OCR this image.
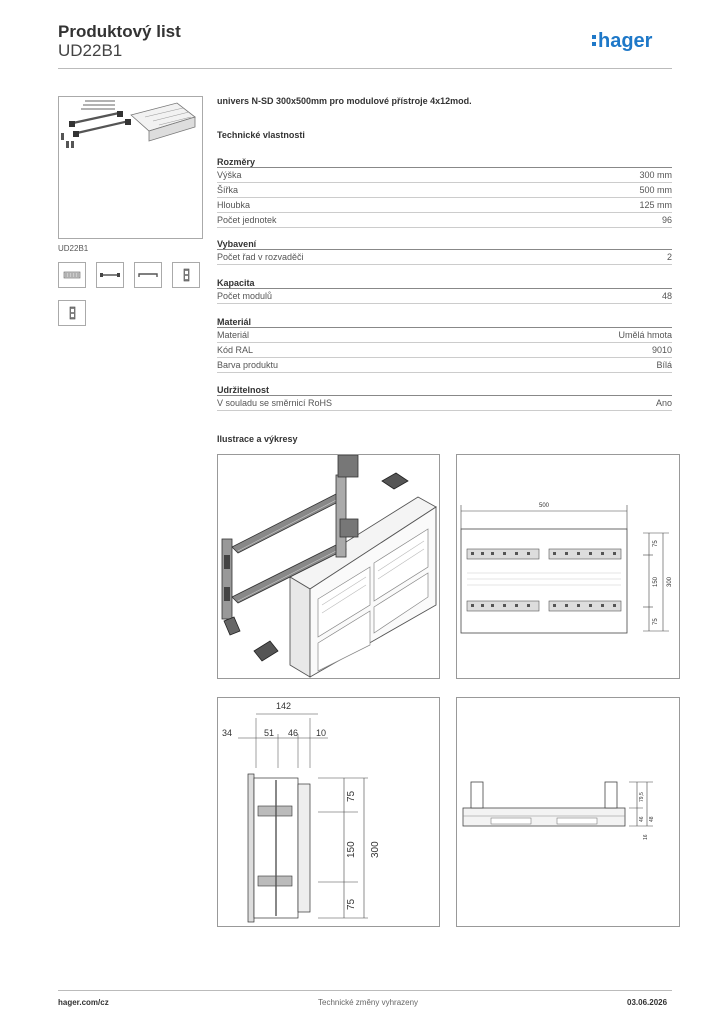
Produktový list
UD22B1	hager
UD22B1
univers N-SD 300x500mm pro modulové přístroje 4x12mod.
Technické vlastnosti
Rozměry
Výška	300 mm
Šířka	500 mm
Hloubka	125 mm
Počet jednotek	96
Vybavení
Počet řad v rozvaděči	2
Kapacita
Počet modulů	48
Materiál
Materiál	Umělá hmota
Kód RAL	9010
Barva produktu	Bílá
Udržitelnost
V souladu se směrnicí RoHS	Ano
Ilustrace a výkresy
500
75
150
75
300
142
34	51 46 10
75
150
75
300
79,5
46 48
16
hager.com/cz	Technické změny vyhrazeny	03.06.2026
